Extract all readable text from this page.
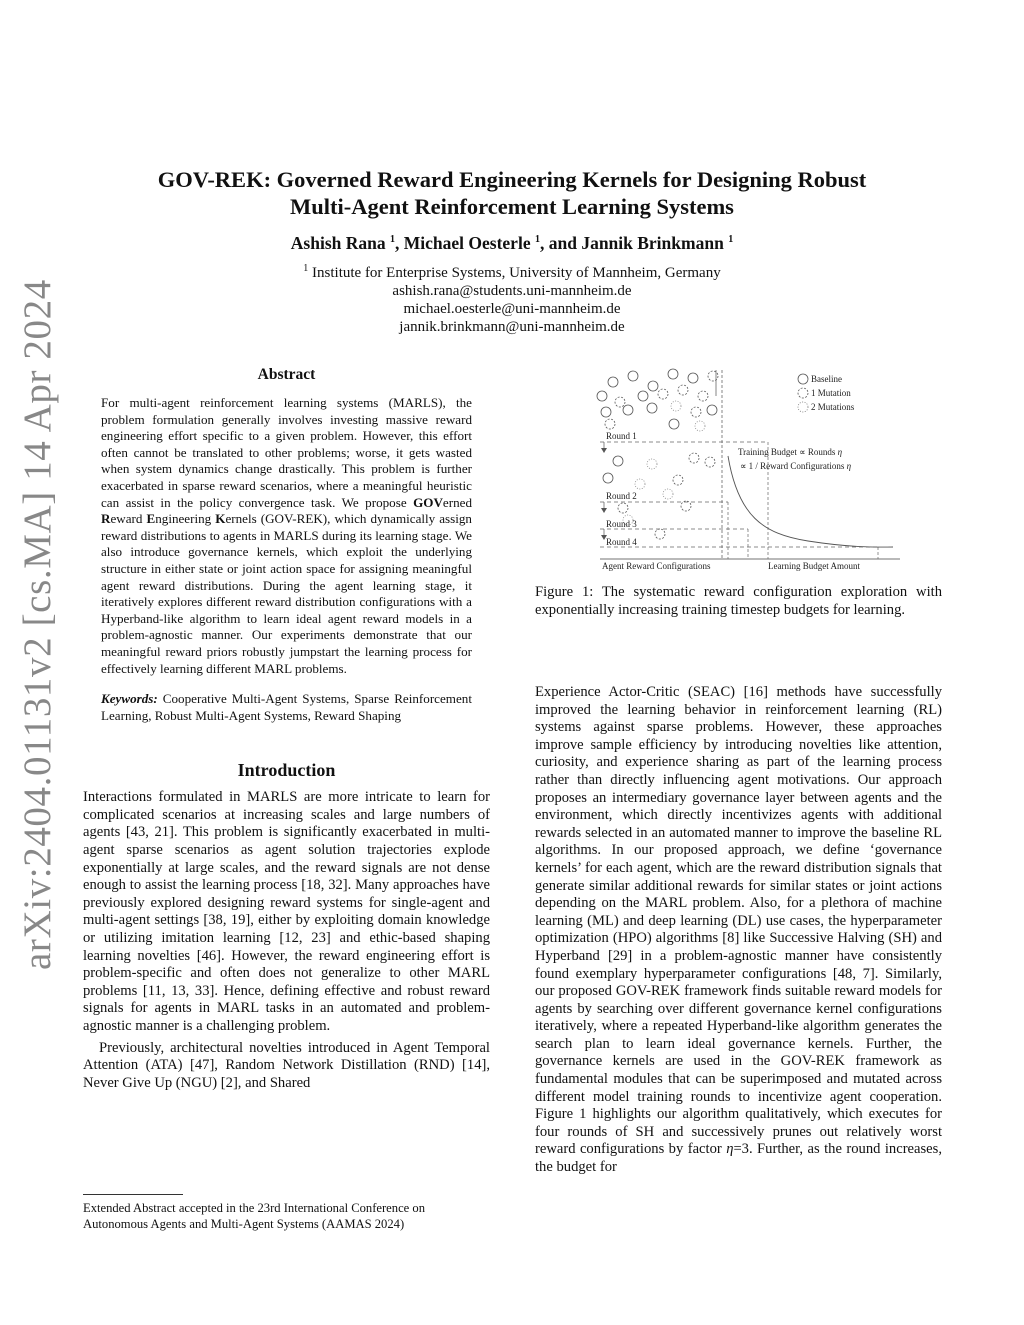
arXiv:2404.01131v2 [cs.MA] 14 Apr 2024
GOV-REK: Governed Reward Engineering Kernels for Designing Robust
Multi-Agent Reinforcement Learning Systems
Ashish Rana $^1$, Michael Oesterle $^1$, and Jannik Brinkmann $^1$
$^1$ Institute for Enterprise Systems, University of Mannheim, Germany
ashish.rana@students.uni-mannheim.de
michael.oesterle@uni-mannheim.de
jannik.brinkmann@uni-mannheim.de
Abstract
For multi-agent reinforcement learning systems (MARLS), the problem formulation generally involves investing massive reward engineering effort specific to a given problem. However, this effort often cannot be translated to other problems; worse, it gets wasted when system dynamics change drastically. This problem is further exacerbated in sparse reward scenarios, where a meaningful heuristic can assist in the policy convergence task. We propose GOVerned Reward Engineering Kernels (GOV-REK), which dynamically assign reward distributions to agents in MARLS during its learning stage. We also introduce governance kernels, which exploit the underlying structure in either state or joint action space for assigning meaningful agent reward distributions. During the agent learning stage, it iteratively explores different reward distribution configurations with a Hyperband-like algorithm to learn ideal agent reward models in a problem-agnostic manner. Our experiments demonstrate that our meaningful reward priors robustly jumpstart the learning process for effectively learning different MARL problems.
Keywords: Cooperative Multi-Agent Systems, Sparse Reinforcement Learning, Robust Multi-Agent Systems, Reward Shaping
Introduction

Interactions formulated in MARLS are more intricate to learn for complicated scenarios at increasing scales and large numbers of agents [43, 21]. This problem is significantly exacerbated in multi-agent sparse scenarios as agent solution trajectories explode exponentially at large scales, and the reward signals are not dense enough to assist the learning process [18, 32]. Many approaches have previously explored designing reward systems for single-agent and multi-agent settings [38, 19], either by exploiting domain knowledge or utilizing imitation learning [12, 23] and ethic-based shaping learning novelties [46]. However, the reward engineering effort is problem-specific and often does not generalize to other MARL problems [11, 13, 33]. Hence, defining effective and robust reward signals for agents in MARL tasks in an automated and problem-agnostic manner is a challenging problem.

Previously, architectural novelties introduced in Agent Temporal Attention (ATA) [47], Random Network Distillation (RND) [14], Never Give Up (NGU) [2], and Shared

Extended Abstract accepted in the 23rd International Conference on Autonomous Agents and Multi-Agent Systems (AAMAS 2024)
Baseline
1 Mutation
2 Mutations
Round 1
Round 2
Round 3
Round 4
Training Budget ∝ Rounds η
∝ 1 / Reward Configurations η
Agent Reward Configurations	Learning Budget Amount
Figure 1: The systematic reward configuration exploration with exponentially increasing training timestep budgets for learning.
Experience Actor-Critic (SEAC) [16] methods have successfully improved the learning behavior in reinforcement learning (RL) systems against sparse problems. However, these approaches improve sample efficiency by introducing novelties like attention, curiosity, and experience sharing as part of the learning process rather than directly influencing agent motivations. Our approach proposes an intermediary governance layer between agents and the environment, which directly incentivizes agents with additional rewards selected in an automated manner to improve the baseline RL algorithms. In our proposed approach, we define ‘governance kernels’ for each agent, which are the reward distribution signals that generate similar additional rewards for similar states or joint actions depending on the MARL problem. Also, for a plethora of machine learning (ML) and deep learning (DL) use cases, the hyperparameter optimization (HPO) algorithms [8] like Successive Halving (SH) and Hyperband [29] in a problem-agnostic manner have consistently found exemplary hyperparameter configurations [48, 7]. Similarly, our proposed GOV-REK framework finds suitable reward models for agents by searching over different governance kernel configurations iteratively, where a repeated Hyperband-like algorithm generates the search plan to learn ideal governance kernels. Further, the governance kernels are used in the GOV-REK framework as fundamental modules that can be superimposed and mutated across different model training rounds to incentivize agent cooperation. Figure 1 highlights our algorithm qualitatively, which executes for four rounds of SH and successively prunes out relatively worst reward configurations by factor η=3. Further, as the round increases, the budget for
